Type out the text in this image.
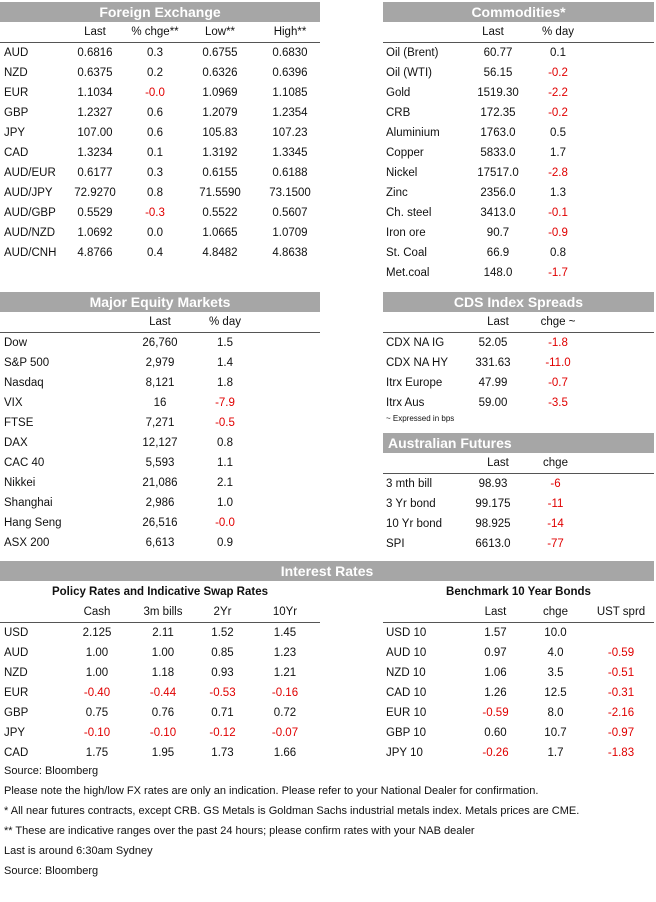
Foreign Exchange
Last	% chge**	Low**	High**
AUD	0.6816	0.3	0.6755	0.6830
NZD	0.6375	0.2	0.6326	0.6396
EUR	1.1034	-0.0	1.0969	1.1085
GBP	1.2327	0.6	1.2079	1.2354
JPY	107.00	0.6	105.83	107.23
CAD	1.3234	0.1	1.3192	1.3345
AUD/EUR	0.6177	0.3	0.6155	0.6188
AUD/JPY	72.9270	0.8	71.5590	73.1500
AUD/GBP	0.5529	-0.3	0.5522	0.5607
AUD/NZD	1.0692	0.0	1.0665	1.0709
AUD/CNH	4.8766	0.4	4.8482	4.8638
Commodities*
Last	% day
Oil (Brent)	60.77	0.1
Oil (WTI)	56.15	-0.2
Gold	1519.30	-2.2
CRB	172.35	-0.2
Aluminium	1763.0	0.5
Copper	5833.0	1.7
Nickel	17517.0	-2.8
Zinc	2356.0	1.3
Ch. steel	3413.0	-0.1
Iron ore	90.7	-0.9
St. Coal	66.9	0.8
Met.coal	148.0	-1.7
Major Equity Markets
Last	% day
Dow	26,760	1.5
S&P 500	2,979	1.4
Nasdaq	8,121	1.8
VIX	16	-7.9
FTSE	7,271	-0.5
DAX	12,127	0.8
CAC 40	5,593	1.1
Nikkei	21,086	2.1
Shanghai	2,986	1.0
Hang Seng	26,516	-0.0
ASX 200	6,613	0.9
CDS Index Spreads
Last	chge ~
CDX NA IG	52.05	-1.8
CDX NA HY	331.63	-11.0
Itrx Europe	47.99	-0.7
Itrx Aus	59.00	-3.5
~ Expressed in bps
Australian Futures
Last	chge
3 mth bill	98.93	-6
3 Yr bond	99.175	-11
10 Yr bond	98.925	-14
SPI	6613.0	-77
Interest Rates
Policy Rates and Indicative Swap Rates
Cash	3m bills	2Yr	10Yr
USD	2.125	2.11	1.52	1.45
AUD	1.00	1.00	0.85	1.23
NZD	1.00	1.18	0.93	1.21
EUR	-0.40	-0.44	-0.53	-0.16
GBP	0.75	0.76	0.71	0.72
JPY	-0.10	-0.10	-0.12	-0.07
CAD	1.75	1.95	1.73	1.66
Benchmark 10 Year Bonds
Last	chge	UST sprd
USD 10	1.57	10.0
AUD 10	0.97	4.0	-0.59
NZD 10	1.06	3.5	-0.51
CAD 10	1.26	12.5	-0.31
EUR 10	-0.59	8.0	-2.16
GBP 10	0.60	10.7	-0.97
JPY 10	-0.26	1.7	-1.83
Source: Bloomberg
Please note the high/low FX rates are only an indication. Please refer to your National Dealer for confirmation.
* All near futures contracts, except CRB. GS Metals is Goldman Sachs industrial metals index. Metals prices are CME.
** These are indicative ranges over the past 24 hours; please confirm rates with your NAB dealer
Last is around 6:30am Sydney
Source: Bloomberg
